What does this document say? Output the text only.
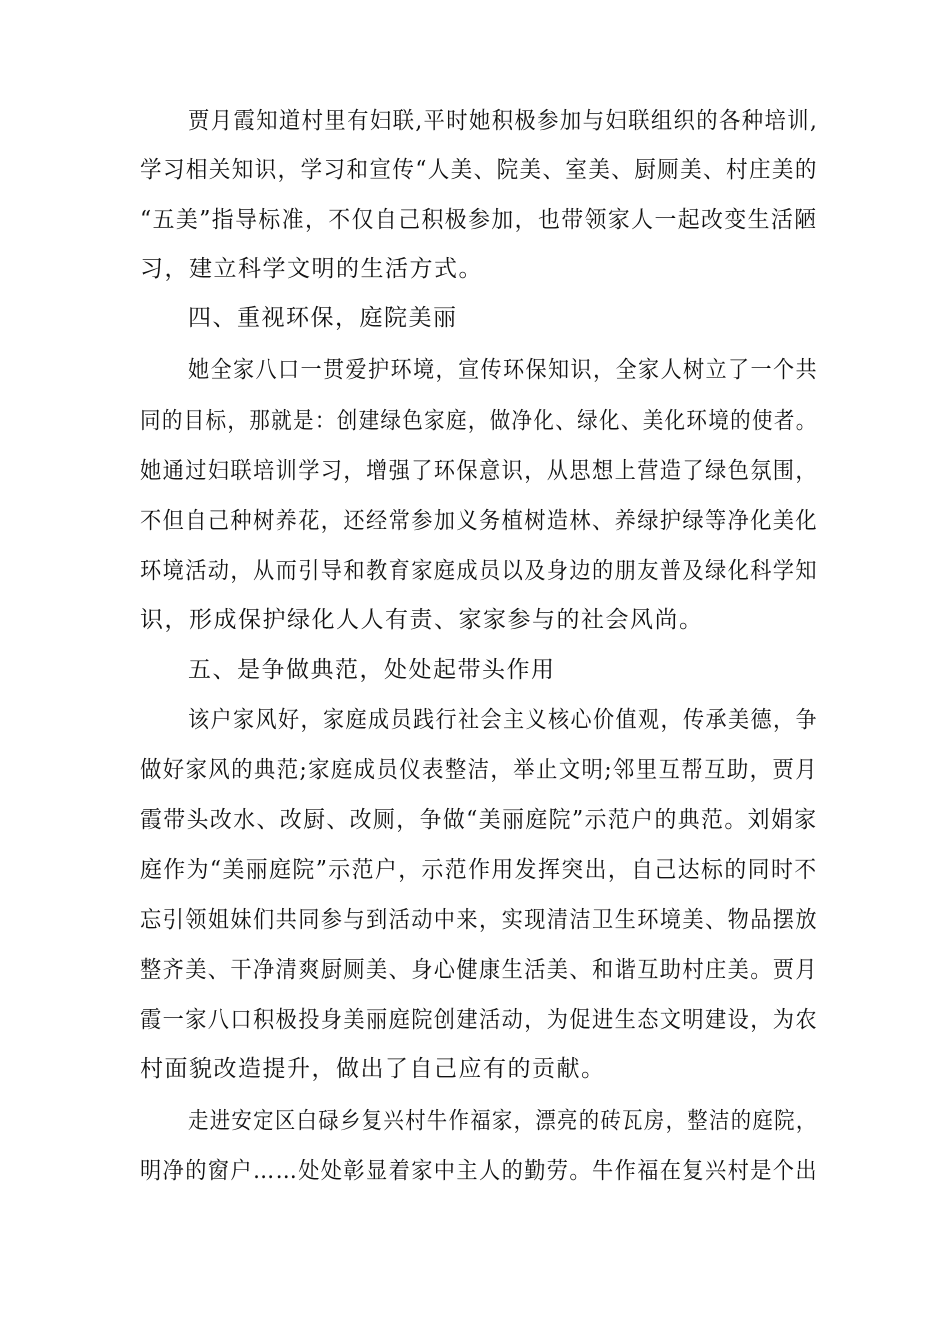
贾月霞知道村里有妇联,平时她积极参加与妇联组织的各种培训,
学习相关知识，学习和宣传“人美、院美、室美、厨厕美、村庄美的
“五美”指导标准，不仅自己积极参加，也带领家人一起改变生活陋
习，建立科学文明的生活方式。
四、重视环保，庭院美丽
她全家八口一贯爱护环境，宣传环保知识，全家人树立了一个共
同的目标，那就是：创建绿色家庭，做净化、绿化、美化环境的使者。
她通过妇联培训学习，增强了环保意识，从思想上营造了绿色氛围，
不但自己种树养花，还经常参加义务植树造林、养绿护绿等净化美化
环境活动，从而引导和教育家庭成员以及身边的朋友普及绿化科学知
识，形成保护绿化人人有责、家家参与的社会风尚。
五、是争做典范，处处起带头作用
该户家风好，家庭成员践行社会主义核心价值观，传承美德，争
做好家风的典范;家庭成员仪表整洁，举止文明;邻里互帮互助，贾月
霞带头改水、改厨、改厕，争做“美丽庭院”示范户的典范。刘娟家
庭作为“美丽庭院”示范户，示范作用发挥突出，自己达标的同时不
忘引领姐妹们共同参与到活动中来，实现清洁卫生环境美、物品摆放
整齐美、干净清爽厨厕美、身心健康生活美、和谐互助村庄美。贾月
霞一家八口积极投身美丽庭院创建活动，为促进生态文明建设，为农
村面貌改造提升，做出了自己应有的贡献。
走进安定区白碌乡复兴村牛作福家，漂亮的砖瓦房，整洁的庭院，
明净的窗户……处处彰显着家中主人的勤劳。牛作福在复兴村是个出
